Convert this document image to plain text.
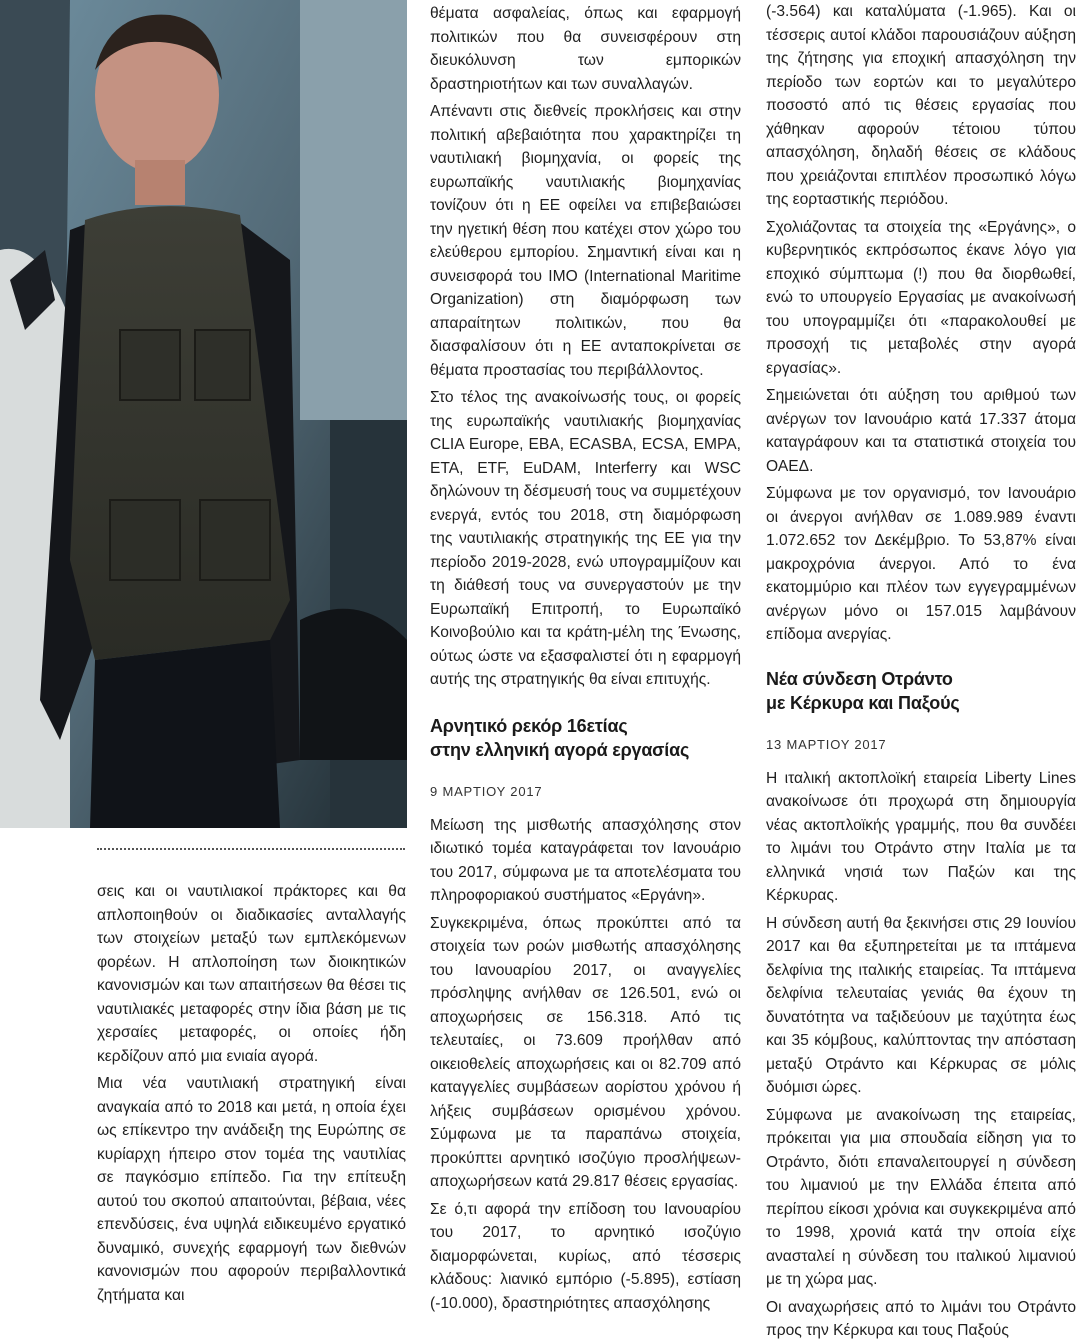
σεις και οι ναυτιλιακοί πράκτορες και θα απλοποιηθούν οι διαδικασίες ανταλλαγής των στοιχείων μεταξύ των εμπλεκόμενων φορέων. Η απλοποίηση των διοικητικών κανονισμών και των απαιτήσεων θα θέσει τις ναυτιλιακές μεταφορές στην ίδια βάση με τις χερσαίες μεταφορές, οι οποίες ήδη κερδίζουν από μια ενιαία αγορά.

Μια νέα ναυτιλιακή στρατηγική είναι αναγκαία από το 2018 και μετά, η οποία έχει ως επίκεντρο την ανάδειξη της Ευρώπης σε κυρίαρχη ήπειρο στον τομέα της ναυτιλίας σε παγκόσμιο επίπεδο. Για την επίτευξη αυτού του σκοπού απαιτούνται, βέβαια, νέες επενδύσεις, ένα υψηλά ειδικευμένο εργατικό δυναμικό, συνεχής εφαρμογή των διεθνών κανονισμών που αφορούν περιβαλλοντικά ζητήματα και

θέματα ασφαλείας, όπως και εφαρμογή πολιτικών που θα συνεισφέρουν στη διευκόλυνση των εμπορικών δραστηριοτήτων και των συναλλαγών.

Απέναντι στις διεθνείς προκλήσεις και στην πολιτική αβεβαιότητα που χαρακτηρίζει τη ναυτιλιακή βιομηχανία, οι φορείς της ευρωπαϊκής ναυτιλιακής βιομηχανίας τονίζουν ότι η ΕΕ οφείλει να επιβεβαιώσει την ηγετική θέση που κατέχει στον χώρο του ελεύθερου εμπορίου. Σημαντική είναι και η συνεισφορά του IMO (International Maritime Organization) στη διαμόρφωση των απαραίτητων πολιτικών, που θα διασφαλίσουν ότι η ΕΕ ανταποκρίνεται σε θέματα προστασίας του περιβάλλοντος.

Στο τέλος της ανακοίνωσής τους, οι φορείς της ευρωπαϊκής ναυτιλιακής βιομηχανίας CLIA Europe, EBA, ECASBA, ECSA, EMPA, ETA, ETF, EuDAM, Interferry και WSC δηλώνουν τη δέσμευσή τους να συμμετέχουν ενεργά, εντός του 2018, στη διαμόρφωση της ναυτιλιακής στρατηγικής της ΕΕ για την περίοδο 2019-2028, ενώ υπογραμμίζουν και τη διάθεσή τους να συνεργαστούν με την Ευρωπαϊκή Επιτροπή, το Ευρωπαϊκό Κοινοβούλιο και τα κράτη-μέλη της Ένωσης, ούτως ώστε να εξασφαλιστεί ότι η εφαρμογή αυτής της στρατηγικής θα είναι επιτυχής.

Αρνητικό ρεκόρ 16ετίας
στην ελληνική αγορά εργασίας
9 ΜΑΡΤΙΟΥ 2017

Μείωση της μισθωτής απασχόλησης στον ιδιωτικό τομέα καταγράφεται τον Ιανουάριο του 2017, σύμφωνα με τα αποτελέσματα του πληροφοριακού συστήματος «Εργάνη».

Συγκεκριμένα, όπως προκύπτει από τα στοιχεία των ροών μισθωτής απασχόλησης του Ιανουαρίου 2017, οι αναγγελίες πρόσληψης ανήλθαν σε 126.501, ενώ οι αποχωρήσεις σε 156.318. Από τις τελευταίες, οι 73.609 προήλθαν από οικειοθελείς αποχωρήσεις και οι 82.709 από καταγγελίες συμβάσεων αορίστου χρόνου ή λήξεις συμβάσεων ορισμένου χρόνου. Σύμφωνα με τα παραπάνω στοιχεία, προκύπτει αρνητικό ισοζύγιο προσλήψεων-αποχωρήσεων κατά 29.817 θέσεις εργασίας.

Σε ό,τι αφορά την επίδοση του Ιανουαρίου του 2017, το αρνητικό ισοζύγιο διαμορφώνεται, κυρίως, από τέσσερις κλάδους: λιανικό εμπόριο (-5.895), εστίαση (-10.000), δραστηριότητες απασχόλησης

(-3.564) και καταλύματα (-1.965). Και οι τέσσερις αυτοί κλάδοι παρουσιάζουν αύξηση της ζήτησης για εποχική απασχόληση την περίοδο των εορτών και το μεγαλύτερο ποσοστό από τις θέσεις εργασίας που χάθηκαν αφορούν τέτοιου τύπου απασχόληση, δηλαδή θέσεις σε κλάδους που χρειάζονται επιπλέον προσωπικό λόγω της εορταστικής περιόδου.

Σχολιάζοντας τα στοιχεία της «Εργάνης», ο κυβερνητικός εκπρόσωπος έκανε λόγο για εποχικό σύμπτωμα (!) που θα διορθωθεί, ενώ το υπουργείο Εργασίας με ανακοίνωσή του υπογραμμίζει ότι «παρακολουθεί με προσοχή τις μεταβολές στην αγορά εργασίας».

Σημειώνεται ότι αύξηση του αριθμού των ανέργων τον Ιανουάριο κατά 17.337 άτομα καταγράφουν και τα στατιστικά στοιχεία του ΟΑΕΔ.

Σύμφωνα με τον οργανισμό, τον Ιανουάριο οι άνεργοι ανήλθαν σε 1.089.989 έναντι 1.072.652 τον Δεκέμβριο. Το 53,87% είναι μακροχρόνια άνεργοι. Από το ένα εκατομμύριο και πλέον των εγγεγραμμένων ανέργων μόνο οι 157.015 λαμβάνουν επίδομα ανεργίας.

Νέα σύνδεση Οτράντο
με Κέρκυρα και Παξούς
13 ΜΑΡΤΙΟΥ 2017

Η ιταλική ακτοπλοϊκή εταιρεία Liberty Lines ανακοίνωσε ότι προχωρά στη δημιουργία νέας ακτοπλοϊκής γραμμής, που θα συνδέει το λιμάνι του Οτράντο στην Ιταλία με τα ελληνικά νησιά των Παξών και της Κέρκυρας.

Η σύνδεση αυτή θα ξεκινήσει στις 29 Ιουνίου 2017 και θα εξυπηρετείται με τα ιπτάμενα δελφίνια της ιταλικής εταιρείας. Τα ιπτάμενα δελφίνια τελευταίας γενιάς θα έχουν τη δυνατότητα να ταξιδεύουν με ταχύτητα έως και 35 κόμβους, καλύπτοντας την απόσταση μεταξύ Οτράντο και Κέρκυρας σε μόλις δυόμισι ώρες.

Σύμφωνα με ανακοίνωση της εταιρείας, πρόκειται για μια σπουδαία είδηση για το Οτράντο, διότι επαναλειτουργεί η σύνδεση του λιμανιού με την Ελλάδα έπειτα από περίπου είκοσι χρόνια και συγκεκριμένα από το 1998, χρονιά κατά την οποία είχε ανασταλεί η σύνδεση του ιταλικού λιμανιού με τη χώρα μας.

Οι αναχωρήσεις από το λιμάνι του Οτράντο προς την Κέρκυρα και τους Παξούς
